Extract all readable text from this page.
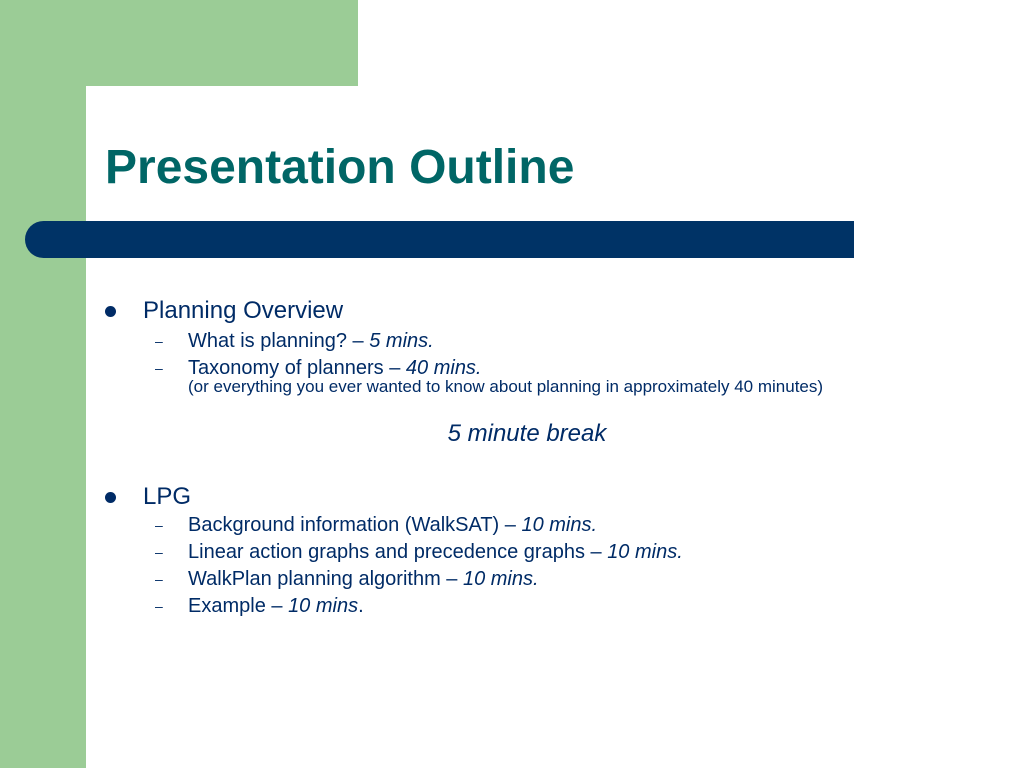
Presentation Outline
Planning Overview
– What is planning? – 5 mins.
– Taxonomy of planners – 40 mins.
(or everything you ever wanted to know about planning in approximately 40 minutes)
5 minute break
LPG
– Background information (WalkSAT) – 10 mins.
– Linear action graphs and precedence graphs – 10 mins.
– WalkPlan planning algorithm – 10 mins.
– Example – 10 mins.
